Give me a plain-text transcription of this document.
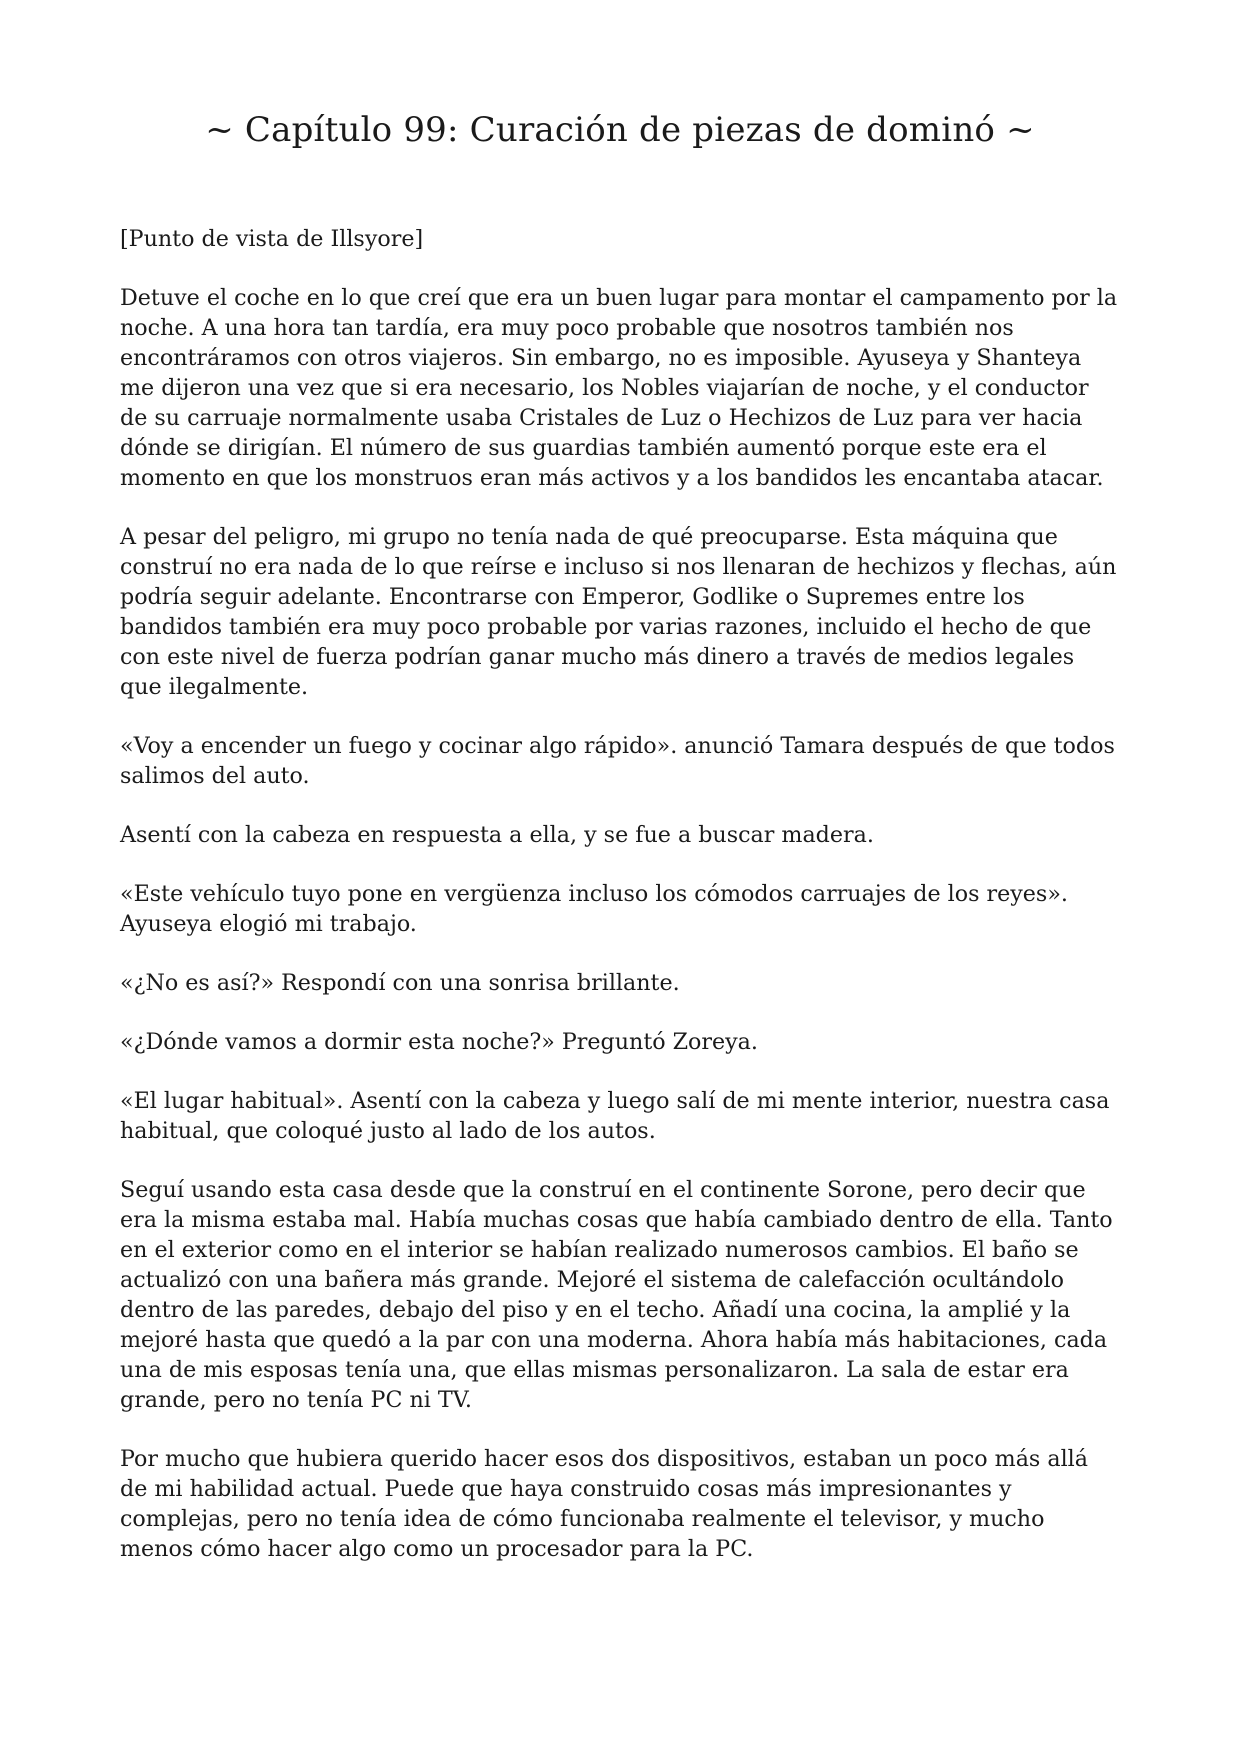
~ Capítulo 99: Curación de piezas de dominó ~

[Punto de vista de Illsyore]

Detuve el coche en lo que creí que era un buen lugar para montar el campamento por la noche. A una hora tan tardía, era muy poco probable que nosotros también nos encontráramos con otros viajeros. Sin embargo, no es imposible. Ayuseya y Shanteya me dijeron una vez que si era necesario, los Nobles viajarían de noche, y el conductor de su carruaje normalmente usaba Cristales de Luz o Hechizos de Luz para ver hacia dónde se dirigían. El número de sus guardias también aumentó porque este era el momento en que los monstruos eran más activos y a los bandidos les encantaba atacar.

A pesar del peligro, mi grupo no tenía nada de qué preocuparse. Esta máquina que construí no era nada de lo que reírse e incluso si nos llenaran de hechizos y flechas, aún podría seguir adelante. Encontrarse con Emperor, Godlike o Supremes entre los bandidos también era muy poco probable por varias razones, incluido el hecho de que con este nivel de fuerza podrían ganar mucho más dinero a través de medios legales que ilegalmente.

«Voy a encender un fuego y cocinar algo rápido». anunció Tamara después de que todos salimos del auto.

Asentí con la cabeza en respuesta a ella, y se fue a buscar madera.

«Este vehículo tuyo pone en vergüenza incluso los cómodos carruajes de los reyes». Ayuseya elogió mi trabajo.

«¿No es así?» Respondí con una sonrisa brillante.

«¿Dónde vamos a dormir esta noche?» Preguntó Zoreya.

«El lugar habitual». Asentí con la cabeza y luego salí de mi mente interior, nuestra casa habitual, que coloqué justo al lado de los autos.

Seguí usando esta casa desde que la construí en el continente Sorone, pero decir que era la misma estaba mal. Había muchas cosas que había cambiado dentro de ella. Tanto en el exterior como en el interior se habían realizado numerosos cambios. El baño se actualizó con una bañera más grande. Mejoré el sistema de calefacción ocultándolo dentro de las paredes, debajo del piso y en el techo. Añadí una cocina, la amplié y la mejoré hasta que quedó a la par con una moderna. Ahora había más habitaciones, cada una de mis esposas tenía una, que ellas mismas personalizaron. La sala de estar era grande, pero no tenía PC ni TV.

Por mucho que hubiera querido hacer esos dos dispositivos, estaban un poco más allá de mi habilidad actual. Puede que haya construido cosas más impresionantes y complejas, pero no tenía idea de cómo funcionaba realmente el televisor, y mucho menos cómo hacer algo como un procesador para la PC.
